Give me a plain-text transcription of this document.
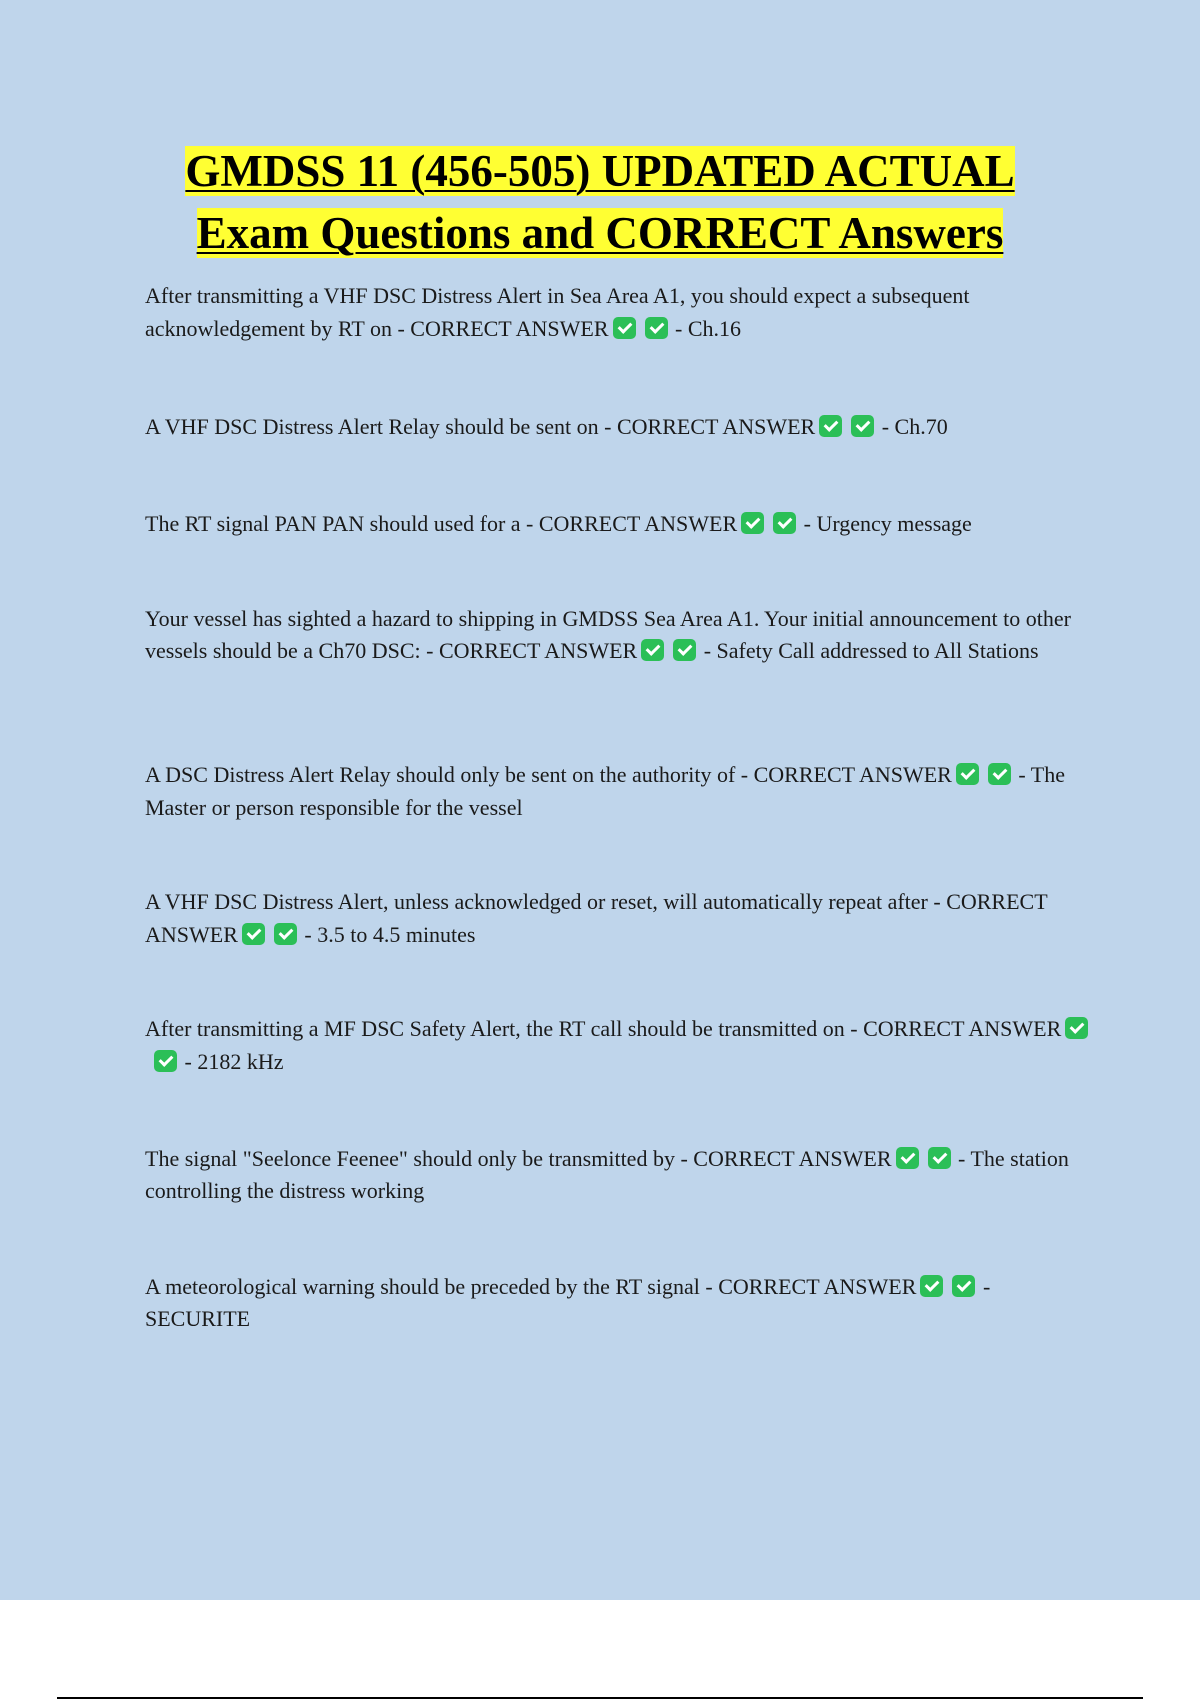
GMDSS 11 (456-505) UPDATED ACTUAL
Exam Questions and CORRECT Answers

After transmitting a VHF DSC Distress Alert in Sea Area A1, you should expect a subsequent acknowledgement by RT on - CORRECT ANSWER	- Ch.16

A VHF DSC Distress Alert Relay should be sent on - CORRECT ANSWER	- Ch.70

The RT signal PAN PAN should used for a - CORRECT ANSWER	- Urgency message

Your vessel has sighted a hazard to shipping in GMDSS Sea Area A1. Your initial announcement to other vessels should be a Ch70 DSC: - CORRECT ANSWER	- Safety Call addressed to All Stations

A DSC Distress Alert Relay should only be sent on the authority of - CORRECT ANSWER	- The Master or person responsible for the vessel

A VHF DSC Distress Alert, unless acknowledged or reset, will automatically repeat after - CORRECT ANSWER	- 3.5 to 4.5 minutes

After transmitting a MF DSC Safety Alert, the RT call should be transmitted on - CORRECT ANSWER - 2182 kHz

The signal "Seelonce Feenee" should only be transmitted by - CORRECT ANSWER	- The station controlling the distress working

A meteorological warning should be preceded by the RT signal - CORRECT ANSWER	- SECURITE
